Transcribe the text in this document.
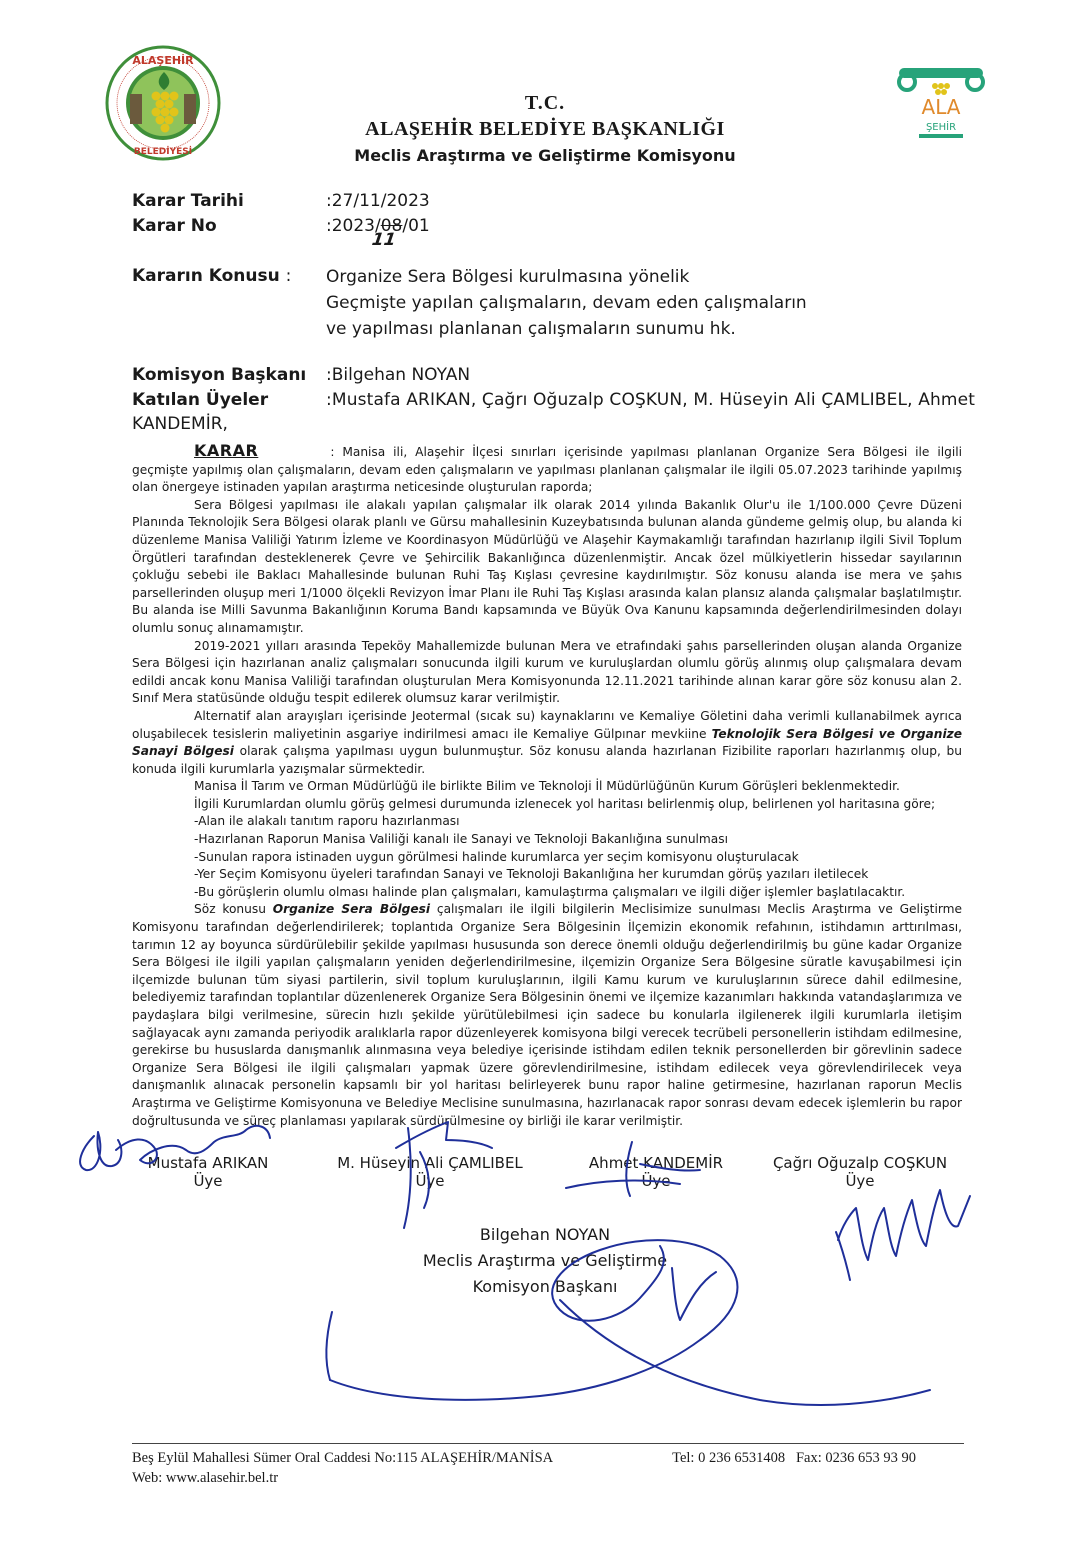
ALAŞEHİR
BELEDİYESİ
ALA
ŞEHİR
T.C.
ALAŞEHİR BELEDİYE BAŞKANLIĞI
Meclis Araştırma ve Geliştirme Komisyonu
Karar Tarihi	:27/11/2023
Karar No	:2023/08/01
11
Kararın Konusu : Organize Sera Bölgesi kurulmasına yönelik
Geçmişte yapılan çalışmaların, devam eden çalışmaların
ve yapılması planlanan çalışmaların sunumu hk.
Komisyon Başkanı :Bilgehan NOYAN
Katılan Üyeler	:Mustafa ARIKAN, Çağrı Oğuzalp COŞKUN, M. Hüseyin Ali ÇAMLIBEL, Ahmet
KANDEMİR,

KARAR	: Manisa ili, Alaşehir İlçesi sınırları içerisinde yapılması planlanan Organize Sera Bölgesi ile ilgili geçmişte yapılmış olan çalışmaların, devam eden çalışmaların ve yapılması planlanan çalışmalar ile ilgili 05.07.2023 tarihinde yapılmış olan önergeye istinaden yapılan araştırma neticesinde oluşturulan raporda;

Sera Bölgesi yapılması ile alakalı yapılan çalışmalar ilk olarak 2014 yılında Bakanlık Olur'u ile 1/100.000 Çevre Düzeni Planında Teknolojik Sera Bölgesi olarak planlı ve Gürsu mahallesinin Kuzeybatısında bulunan alanda gündeme gelmiş olup, bu alanda ki düzenleme Manisa Valiliği Yatırım İzleme ve Koordinasyon Müdürlüğü ve Alaşehir Kaymakamlığı tarafından hazırlanıp ilgili Sivil Toplum Örgütleri tarafından desteklenerek Çevre ve Şehircilik Bakanlığınca düzenlenmiştir. Ancak özel mülkiyetlerin hissedar sayılarının çokluğu sebebi ile Baklacı Mahallesinde bulunan Ruhi Taş Kışlası çevresine kaydırılmıştır. Söz konusu alanda ise mera ve şahıs parsellerinden oluşup meri 1/1000 ölçekli Revizyon İmar Planı ile Ruhi Taş Kışlası arasında kalan plansız alanda çalışmalar başlatılmıştır. Bu alanda ise Milli Savunma Bakanlığının Koruma Bandı kapsamında ve Büyük Ova Kanunu kapsamında değerlendirilmesinden dolayı olumlu sonuç alınamamıştır.

2019-2021 yılları arasında Tepeköy Mahallemizde bulunan Mera ve etrafındaki şahıs parsellerinden oluşan alanda Organize Sera Bölgesi için hazırlanan analiz çalışmaları sonucunda ilgili kurum ve kuruluşlardan olumlu görüş alınmış olup çalışmalara devam edildi ancak konu Manisa Valiliği tarafından oluşturulan Mera Komisyonunda 12.11.2021 tarihinde alınan karar göre söz konusu alan 2. Sınıf Mera statüsünde olduğu tespit edilerek olumsuz karar verilmiştir.

Alternatif alan arayışları içerisinde Jeotermal (sıcak su) kaynaklarını ve Kemaliye Göletini daha verimli kullanabilmek ayrıca oluşabilecek tesislerin maliyetinin asgariye indirilmesi amacı ile Kemaliye Gülpınar mevkiine Teknolojik Sera Bölgesi ve Organize Sanayi Bölgesi olarak çalışma yapılması uygun bulunmuştur. Söz konusu alanda hazırlanan Fizibilite raporları hazırlanmış olup, bu konuda ilgili kurumlarla yazışmalar sürmektedir.

Manisa İl Tarım ve Orman Müdürlüğü ile birlikte Bilim ve Teknoloji İl Müdürlüğünün Kurum Görüşleri beklenmektedir.

İlgili Kurumlardan olumlu görüş gelmesi durumunda izlenecek yol haritası belirlenmiş olup, belirlenen yol haritasına göre;

-Alan ile alakalı tanıtım raporu hazırlanması

-Hazırlanan Raporun Manisa Valiliği kanalı ile Sanayi ve Teknoloji Bakanlığına sunulması

-Sunulan rapora istinaden uygun görülmesi halinde kurumlarca yer seçim komisyonu oluşturulacak

-Yer Seçim Komisyonu üyeleri tarafından Sanayi ve Teknoloji Bakanlığına her kurumdan görüş yazıları iletilecek

-Bu görüşlerin olumlu olması halinde plan çalışmaları, kamulaştırma çalışmaları ve ilgili diğer işlemler başlatılacaktır.

Söz konusu Organize Sera Bölgesi çalışmaları ile ilgili bilgilerin Meclisimize sunulması Meclis Araştırma ve Geliştirme Komisyonu tarafından değerlendirilerek; toplantıda Organize Sera Bölgesinin İlçemizin ekonomik refahının, istihdamın arttırılması, tarımın 12 ay boyunca sürdürülebilir şekilde yapılması hususunda son derece önemli olduğu değerlendirilmiş bu güne kadar Organize Sera Bölgesi ile ilgili yapılan çalışmaların yeniden değerlendirilmesine, ilçemizin Organize Sera Bölgesine süratle kavuşabilmesi için ilçemizde bulunan tüm siyasi partilerin, sivil toplum kuruluşlarının, ilgili Kamu kurum ve kuruluşlarının sürece dahil edilmesine, belediyemiz tarafından toplantılar düzenlenerek Organize Sera Bölgesinin önemi ve ilçemize kazanımları hakkında vatandaşlarımıza ve paydaşlara bilgi verilmesine, sürecin hızlı şekilde yürütülebilmesi için sadece bu konularla ilgilenerek ilgili kurumlarla iletişim sağlayacak aynı zamanda periyodik aralıklarla rapor düzenleyerek komisyona bilgi verecek tecrübeli personellerin istihdam edilmesine, gerekirse bu hususlarda danışmanlık alınmasına veya belediye içerisinde istihdam edilen teknik personellerden bir görevlinin sadece Organize Sera Bölgesi ile ilgili çalışmaları yapmak üzere görevlendirilmesine, istihdam edilecek veya görevlendirilecek veya danışmanlık alınacak personelin kapsamlı bir yol haritası belirleyerek bunu rapor haline getirmesine, hazırlanan raporun Meclis Araştırma ve Geliştirme Komisyonuna ve Belediye Meclisine sunulmasına, hazırlanacak rapor sonrası devam edecek işlemlerin bu rapor doğrultusunda ve süreç planlaması yapılarak sürdürülmesine oy birliği ile karar verilmiştir.

Mustafa ARIKAN
Üye
M. Hüseyin Ali ÇAMLIBEL
Üye
Ahmet KANDEMİR
Üye
Çağrı Oğuzalp COŞKUN
Üye
Bilgehan NOYAN
Meclis Araştırma ve Geliştirme
Komisyon Başkanı
Beş Eylül Mahallesi Sümer Oral Caddesi No:115 ALAŞEHİR/MANİSA	Tel: 0 236 6531408 Fax: 0236 653 93 90
Web: www.alasehir.bel.tr
